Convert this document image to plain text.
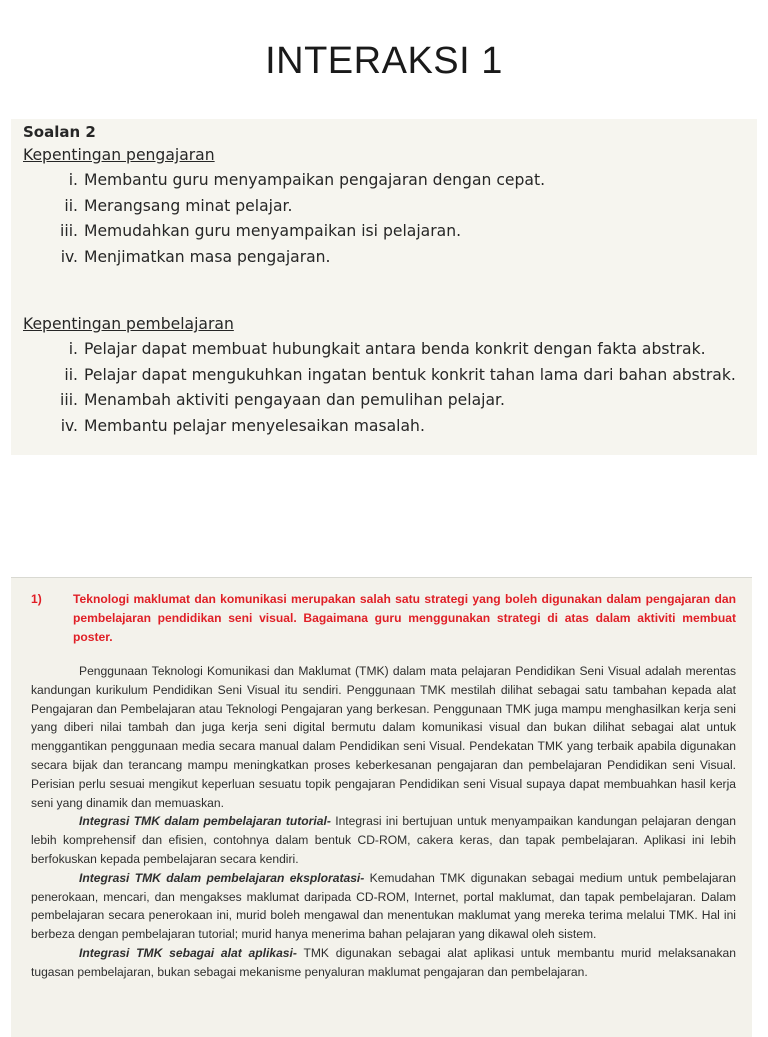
INTERAKSI 1
Soalan 2
Kepentingan pengajaran
i. Membantu guru menyampaikan pengajaran dengan cepat.
ii. Merangsang minat pelajar.
iii. Memudahkan guru menyampaikan isi pelajaran.
iv. Menjimatkan masa pengajaran.
Kepentingan pembelajaran
i. Pelajar dapat membuat hubungkait antara benda konkrit dengan fakta abstrak.
ii. Pelajar dapat mengukuhkan ingatan bentuk konkrit tahan lama dari bahan abstrak.
iii. Menambah aktiviti pengayaan dan pemulihan pelajar.
iv. Membantu pelajar menyelesaikan masalah.
1)	Teknologi maklumat dan komunikasi merupakan salah satu strategi yang boleh digunakan dalam pengajaran dan pembelajaran pendidikan seni visual. Bagaimana guru menggunakan strategi di atas dalam aktiviti membuat poster.

Penggunaan Teknologi Komunikasi dan Maklumat (TMK) dalam mata pelajaran Pendidikan Seni Visual adalah merentas kandungan kurikulum Pendidikan Seni Visual itu sendiri. Penggunaan TMK mestilah dilihat sebagai satu tambahan kepada alat Pengajaran dan Pembelajaran atau Teknologi Pengajaran yang berkesan. Penggunaan TMK juga mampu menghasilkan kerja seni yang diberi nilai tambah dan juga kerja seni digital bermutu dalam komunikasi visual dan bukan dilihat sebagai alat untuk menggantikan penggunaan media secara manual dalam Pendidikan seni Visual. Pendekatan TMK yang terbaik apabila digunakan secara bijak dan terancang mampu meningkatkan proses keberkesanan pengajaran dan pembelajaran Pendidikan seni Visual. Perisian perlu sesuai mengikut keperluan sesuatu topik pengajaran Pendidikan seni Visual supaya dapat membuahkan hasil kerja seni yang dinamik dan memuaskan.

Integrasi TMK dalam pembelajaran tutorial- Integrasi ini bertujuan untuk menyampaikan kandungan pelajaran dengan lebih komprehensif dan efisien, contohnya dalam bentuk CD-ROM, cakera keras, dan tapak pembelajaran. Aplikasi ini lebih berfokuskan kepada pembelajaran secara kendiri.

Integrasi TMK dalam pembelajaran eksploratasi- Kemudahan TMK digunakan sebagai medium untuk pembelajaran penerokaan, mencari, dan mengakses maklumat daripada CD-ROM, Internet, portal maklumat, dan tapak pembelajaran. Dalam pembelajaran secara penerokaan ini, murid boleh mengawal dan menentukan maklumat yang mereka terima melalui TMK. Hal ini berbeza dengan pembelajaran tutorial; murid hanya menerima bahan pelajaran yang dikawal oleh sistem.

Integrasi TMK sebagai alat aplikasi- TMK digunakan sebagai alat aplikasi untuk membantu murid melaksanakan tugasan pembelajaran, bukan sebagai mekanisme penyaluran maklumat pengajaran dan pembelajaran.
